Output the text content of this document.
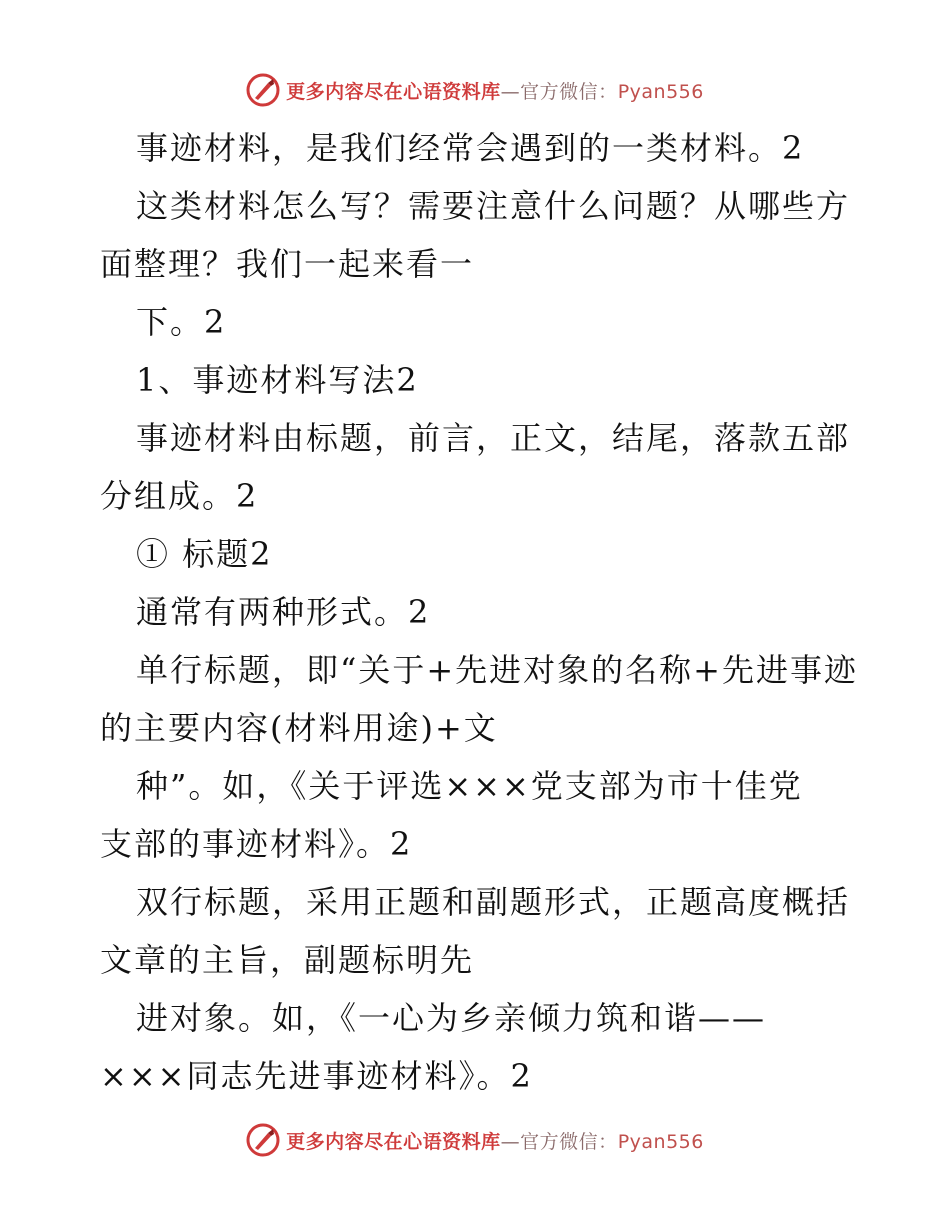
更多内容尽在心语资料库—官方微信：Pyan556
事迹材料，是我们经常会遇到的一类材料。2
这类材料怎么写？需要注意什么问题？从哪些方
面整理？我们一起来看一
下。2
1、事迹材料写法2
事迹材料由标题，前言，正文，结尾，落款五部
分组成。2
① 标题2
通常有两种形式。2
单行标题，即“关于+先进对象的名称+先进事迹
的主要内容(材料用途)+文
种”。如，《关于评选×××党支部为市十佳党
支部的事迹材料》。2
双行标题，采用正题和副题形式，正题高度概括
文章的主旨，副题标明先
进对象。如，《一心为乡亲倾力筑和谐——
×××同志先进事迹材料》。2
更多内容尽在心语资料库—官方微信：Pyan556
